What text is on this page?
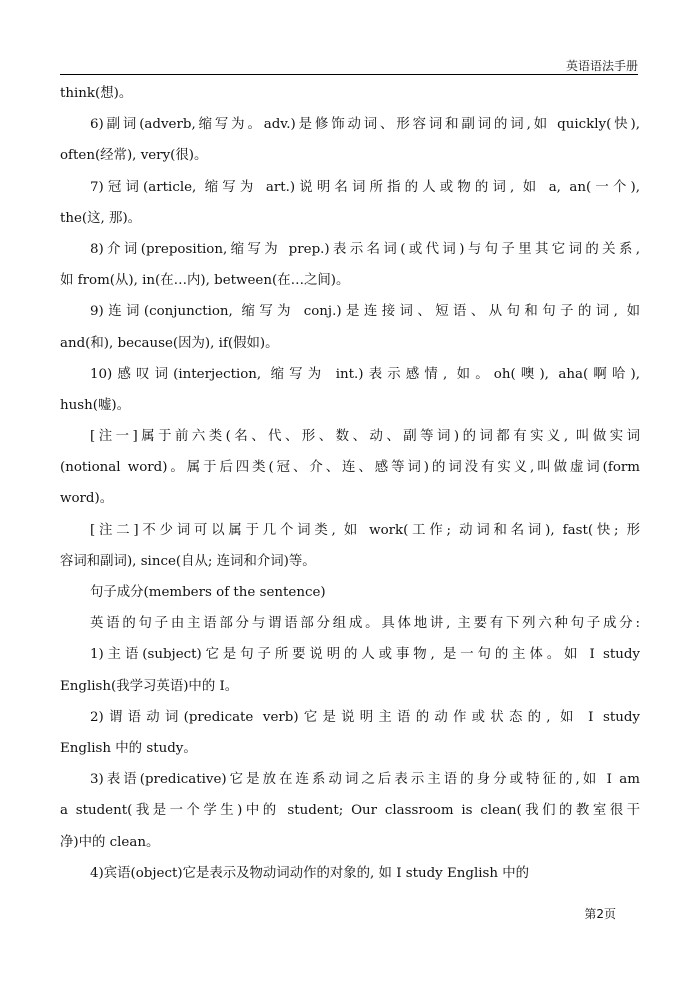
英语语法手册
think(想)。
6)副词(adverb,缩写为。adv.)是修饰动词、形容词和副词的词,如 quickly(快),
often(经常), very(很)。
7)冠词(article, 缩写为 art.)说明名词所指的人或物的词, 如 a, an(一个),
the(这, 那)。
8)介词(preposition,缩写为 prep.)表示名词(或代词)与句子里其它词的关系,
如 from(从), in(在…内), between(在…之间)。
9)连词(conjunction, 缩写为 conj.)是连接词、短语、从句和句子的词, 如
and(和), because(因为), if(假如)。
10)感叹词(interjection, 缩写为 int.)表示感情, 如。oh(噢), aha(啊哈),
hush(嘘)。
[注一]属于前六类(名、代、形、数、动、副等词)的词都有实义, 叫做实词
(notional word)。属于后四类(冠、介、连、感等词)的词没有实义,叫做虚词(form
word)。
[注二]不少词可以属于几个词类, 如 work(工作; 动词和名词), fast(快; 形
容词和副词), since(自从; 连词和介词)等。
句子成分(members of the sentence)
英语的句子由主语部分与谓语部分组成。具体地讲, 主要有下列六种句子成分:
1)主语(subject)它是句子所要说明的人或事物, 是一句的主体。如 I study
English(我学习英语)中的 I。
2)谓语动词(predicate verb)它是说明主语的动作或状态的, 如 I study
English 中的 study。
3)表语(predicative)它是放在连系动词之后表示主语的身分或特征的,如 I am
a student(我是一个学生)中的 student; Our classroom is clean(我们的教室很干
净)中的 clean。
4)宾语(object)它是表示及物动词动作的对象的, 如 I study English 中的
第2页
